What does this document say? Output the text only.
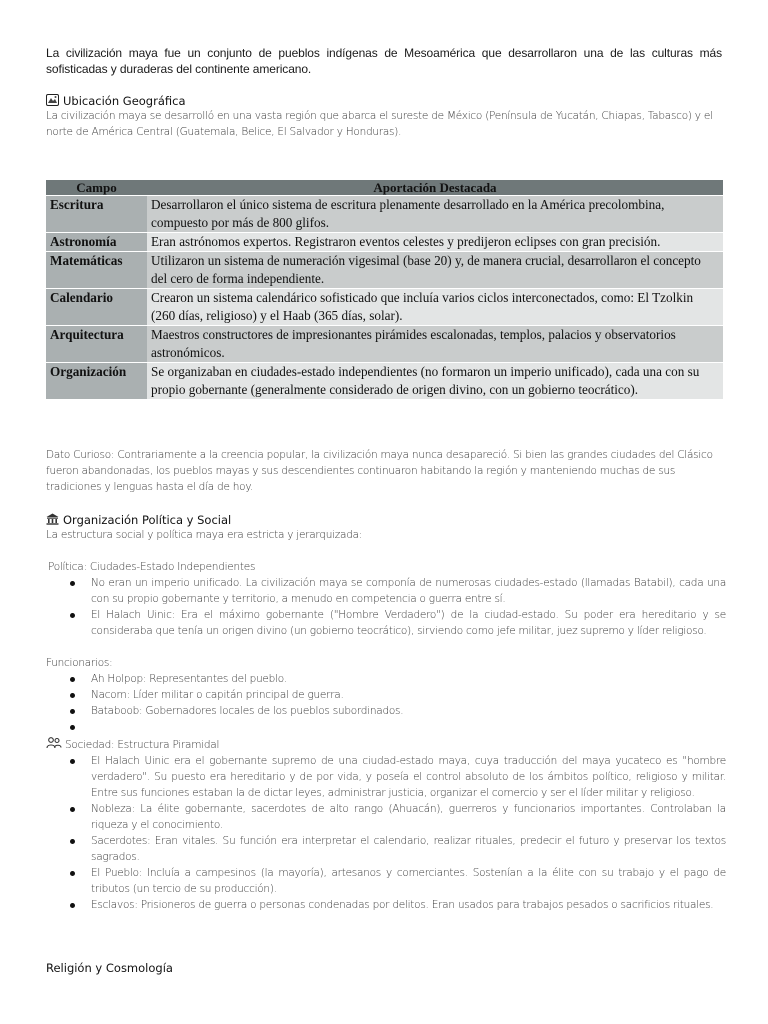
La civilización maya fue un conjunto de pueblos indígenas de Mesoamérica que desarrollaron una de las culturas más sofisticadas y duraderas del continente americano.
Ubicación Geográfica
La civilización maya se desarrolló en una vasta región que abarca el sureste de México (Península de Yucatán, Chiapas, Tabasco) y el norte de América Central (Guatemala, Belice, El Salvador y Honduras).
Campo	Aportación Destacada
Escritura	Desarrollaron el único sistema de escritura plenamente desarrollado en la América precolombina, compuesto por más de 800 glifos.
Astronomía	Eran astrónomos expertos. Registraron eventos celestes y predijeron eclipses con gran precisión.
Matemáticas	Utilizaron un sistema de numeración vigesimal (base 20) y, de manera crucial, desarrollaron el concepto del cero de forma independiente.
Calendario	Crearon un sistema calendárico sofisticado que incluía varios ciclos interconectados, como: El Tzolkin (260 días, religioso) y el Haab (365 días, solar).
Arquitectura	Maestros constructores de impresionantes pirámides escalonadas, templos, palacios y observatorios astronómicos.
Organización	Se organizaban en ciudades-estado independientes (no formaron un imperio unificado), cada una con su propio gobernante (generalmente considerado de origen divino, con un gobierno teocrático).
Dato Curioso: Contrariamente a la creencia popular, la civilización maya nunca desapareció. Si bien las grandes ciudades del Clásico fueron abandonadas, los pueblos mayas y sus descendientes continuaron habitando la región y manteniendo muchas de sus tradiciones y lenguas hasta el día de hoy.
Organización Política y Social
La estructura social y política maya era estricta y jerarquizada:
Política: Ciudades-Estado Independientes
No eran un imperio unificado. La civilización maya se componía de numerosas ciudades-estado (llamadas Batabil), cada una con su propio gobernante y territorio, a menudo en competencia o guerra entre sí.
El Halach Uinic: Era el máximo gobernante ("Hombre Verdadero") de la ciudad-estado. Su poder era hereditario y se consideraba que tenía un origen divino (un gobierno teocrático), sirviendo como jefe militar, juez supremo y líder religioso.
Funcionarios:
Ah Holpop: Representantes del pueblo.
Nacom: Líder militar o capitán principal de guerra.
Bataboob: Gobernadores locales de los pueblos subordinados.
Sociedad: Estructura Piramidal
El Halach Uinic era el gobernante supremo de una ciudad-estado maya, cuya traducción del maya yucateco es "hombre verdadero". Su puesto era hereditario y de por vida, y poseía el control absoluto de los ámbitos político, religioso y militar. Entre sus funciones estaban la de dictar leyes, administrar justicia, organizar el comercio y ser el líder militar y religioso.
Nobleza: La élite gobernante, sacerdotes de alto rango (Ahuacán), guerreros y funcionarios importantes. Controlaban la riqueza y el conocimiento.
Sacerdotes: Eran vitales. Su función era interpretar el calendario, realizar rituales, predecir el futuro y preservar los textos sagrados.
El Pueblo: Incluía a campesinos (la mayoría), artesanos y comerciantes. Sostenían a la élite con su trabajo y el pago de tributos (un tercio de su producción).
Esclavos: Prisioneros de guerra o personas condenadas por delitos. Eran usados para trabajos pesados o sacrificios rituales.
Religión y Cosmología
